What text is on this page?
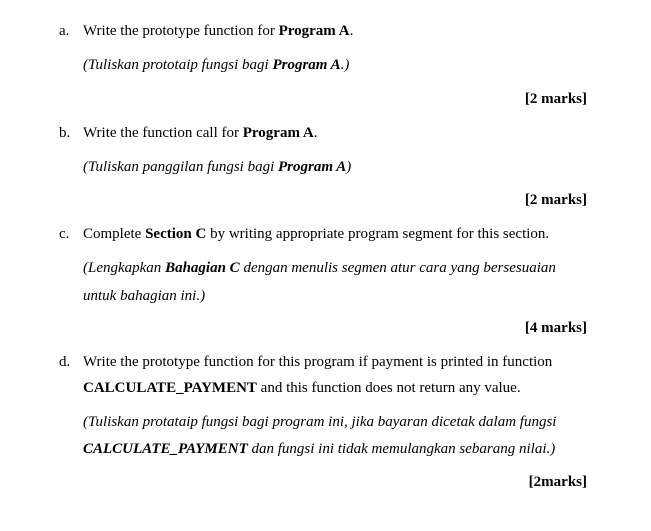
a. Write the prototype function for Program A.
(Tuliskan prototaip fungsi bagi Program A.)
[2 marks]
b. Write the function call for Program A.
(Tuliskan panggilan fungsi bagi Program A)
[2 marks]
c. Complete Section C by writing appropriate program segment for this section.
(Lengkapkan Bahagian C dengan menulis segmen atur cara yang bersesuaian
untuk bahagian ini.)
[4 marks]
d. Write the prototype function for this program if payment is printed in function
CALCULATE_PAYMENT and this function does not return any value.
(Tuliskan protataip fungsi bagi program ini, jika bayaran dicetak dalam fungsi
CALCULATE_PAYMENT dan fungsi ini tidak memulangkan sebarang nilai.)
[2marks]
